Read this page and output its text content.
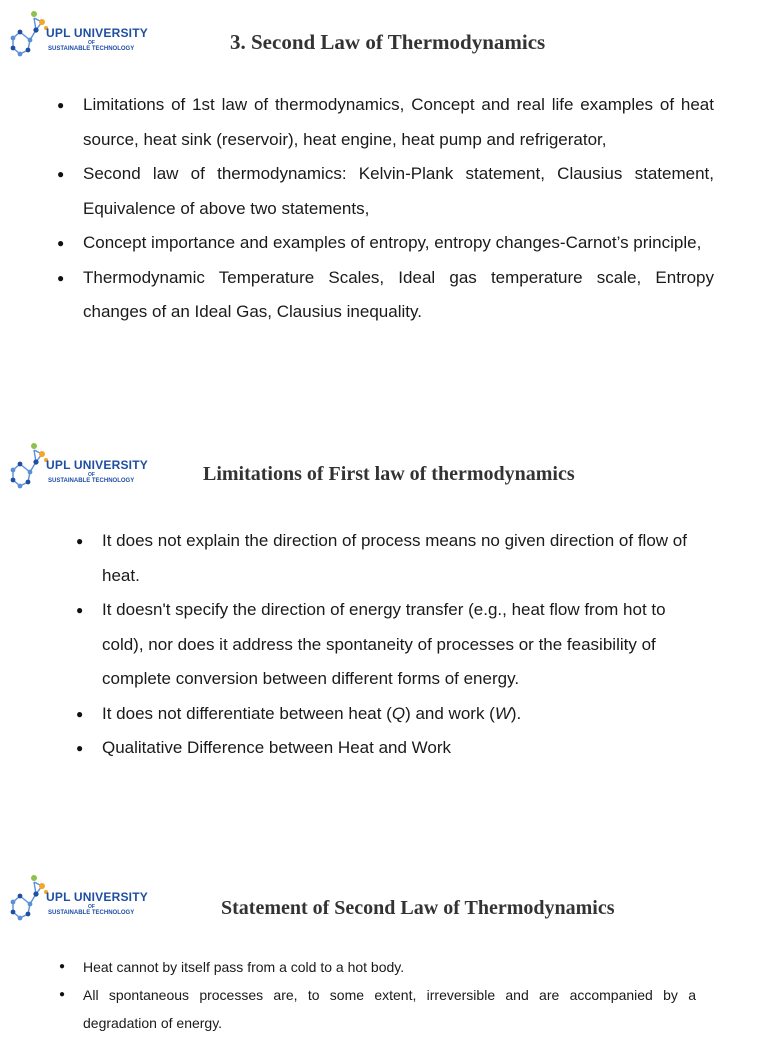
UPL UNIVERSITY
OF
SUSTAINABLE TECHNOLOGY	3. Second Law of Thermodynamics
● Limitations of 1st law of thermodynamics, Concept and real life examples of heat source, heat sink (reservoir), heat engine, heat pump and refrigerator,
● Second law of thermodynamics: Kelvin-Plank statement, Clausius statement, Equivalence of above two statements,
● Concept importance and examples of entropy, entropy changes-Carnot’s principle,
● Thermodynamic Temperature Scales, Ideal gas temperature scale, Entropy changes of an Ideal Gas, Clausius inequality.
UPL UNIVERSITY
OF
SUSTAINABLE TECHNOLOGY	Limitations of First law of thermodynamics
● It does not explain the direction of process means no given direction of flow of heat.
● It doesn't specify the direction of energy transfer (e.g., heat flow from hot to cold), nor does it address the spontaneity of processes or the feasibility of complete conversion between different forms of energy.
● It does not differentiate between heat (Q) and work (W).
● Qualitative Difference between Heat and Work
UPL UNIVERSITY
OF
SUSTAINABLE TECHNOLOGY	Statement of Second Law of Thermodynamics
● Heat cannot by itself pass from a cold to a hot body.
● All spontaneous processes are, to some extent, irreversible and are accompanied by a degradation of energy.
